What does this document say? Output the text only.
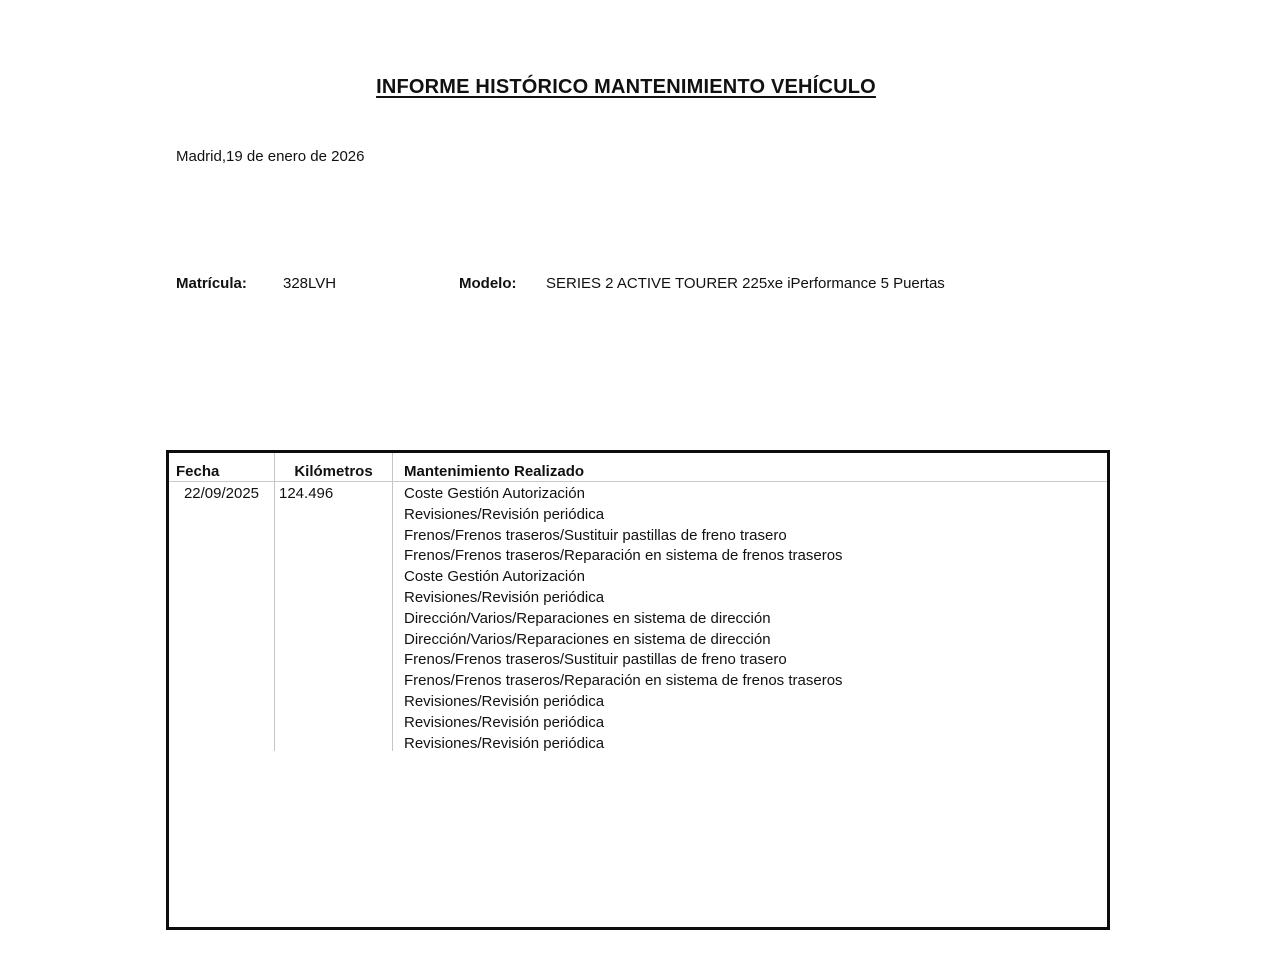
INFORME HISTÓRICO MANTENIMIENTO VEHÍCULO
Madrid,19 de enero de 2026
Matrícula: 328LVH	Modelo: SERIES 2 ACTIVE TOURER 225xe iPerformance 5 Puertas
Fecha	Kilómetros	Mantenimiento Realizado
22/09/2025	124.496	Coste Gestión Autorización
Revisiones/Revisión periódica
Frenos/Frenos traseros/Sustituir pastillas de freno trasero
Frenos/Frenos traseros/Reparación en sistema de frenos traseros
Coste Gestión Autorización
Revisiones/Revisión periódica
Dirección/Varios/Reparaciones en sistema de dirección
Dirección/Varios/Reparaciones en sistema de dirección
Frenos/Frenos traseros/Sustituir pastillas de freno trasero
Frenos/Frenos traseros/Reparación en sistema de frenos traseros
Revisiones/Revisión periódica
Revisiones/Revisión periódica
Revisiones/Revisión periódica
